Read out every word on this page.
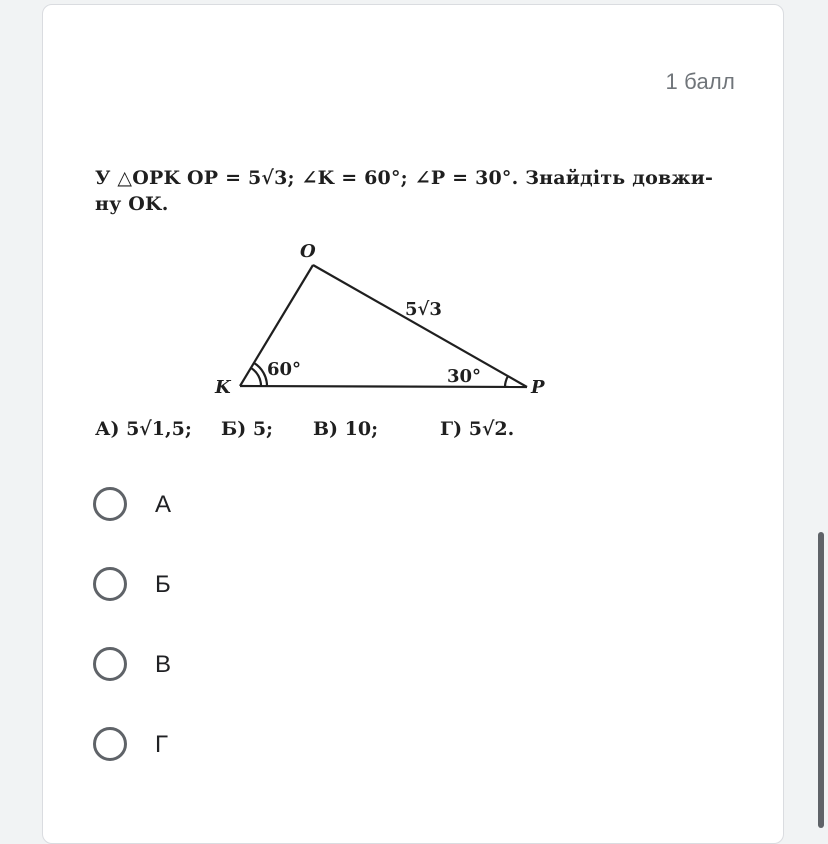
1 балл
У △OPK OP = 5√3; ∠K = 60°; ∠P = 30°. Знайдіть довжи-
ну OK.
O
K	P
5√3
60°	30°
А) 5√1,5; Б) 5; В) 10;	Г) 5√2.
А
Б
В
Г
